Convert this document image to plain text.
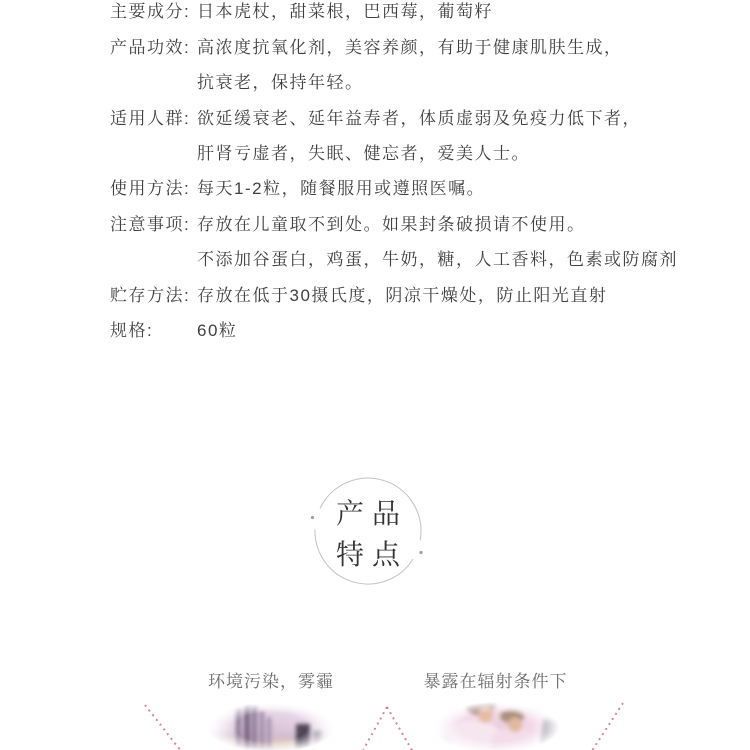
主要成分: 日本虎杖，甜菜根，巴西莓，葡萄籽
产品功效: 高浓度抗氧化剂，美容养颜，有助于健康肌肤生成，
抗衰老，保持年轻。
适用人群: 欲延缓衰老、延年益寿者，体质虚弱及免疫力低下者，
肝肾亏虚者，失眠、健忘者，爱美人士。
使用方法: 每天1-2粒，随餐服用或遵照医嘱。
注意事项: 存放在儿童取不到处。如果封条破损请不使用。
不添加谷蛋白，鸡蛋，牛奶，糖，人工香料，色素或防腐剂
贮存方法: 存放在低于30摄氏度，阴凉干燥处，防止阳光直射
规格:	60粒
产品
特点
环境污染，雾霾	暴露在辐射条件下
